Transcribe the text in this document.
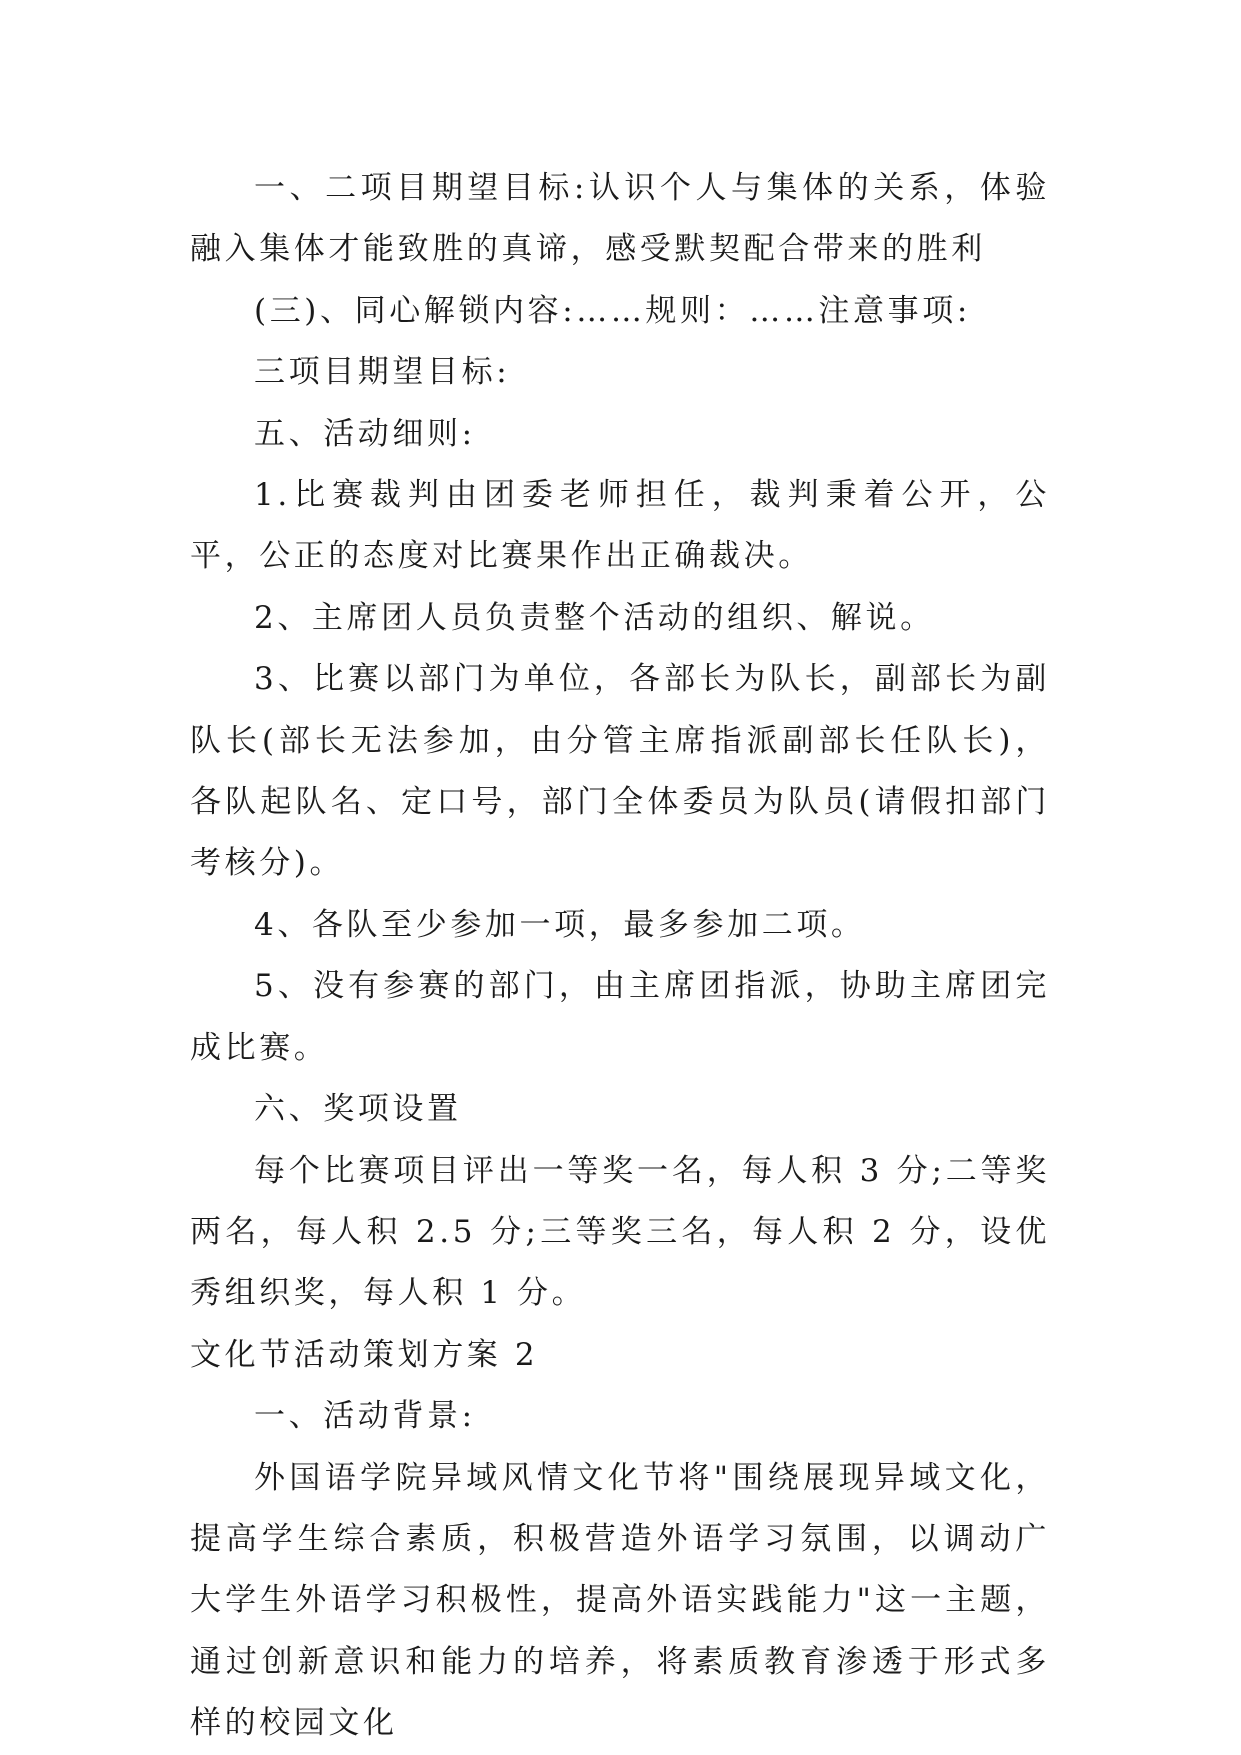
一、二项目期望目标:认识个人与集体的关系，体验融入集体才能致胜的真谛，感受默契配合带来的胜利

(三)、同心解锁内容:……规则：……注意事项:

三项目期望目标:

五、活动细则:

1.比赛裁判由团委老师担任，裁判秉着公开，公平，公正的态度对比赛果作出正确裁决。

2、主席团人员负责整个活动的组织、解说。

3、比赛以部门为单位，各部长为队长，副部长为副队长(部长无法参加，由分管主席指派副部长任队长)，各队起队名、定口号，部门全体委员为队员(请假扣部门考核分)。

4、各队至少参加一项，最多参加二项。

5、没有参赛的部门，由主席团指派，协助主席团完成比赛。

六、奖项设置

每个比赛项目评出一等奖一名，每人积 3 分;二等奖两名，每人积 2.5 分;三等奖三名，每人积 2 分，设优秀组织奖，每人积 1 分。

文化节活动策划方案 2

一、活动背景:

外国语学院异域风情文化节将"围绕展现异域文化，提高学生综合素质，积极营造外语学习氛围，以调动广大学生外语学习积极性，提高外语实践能力"这一主题，通过创新意识和能力的培养，将素质教育渗透于形式多样的校园文化
